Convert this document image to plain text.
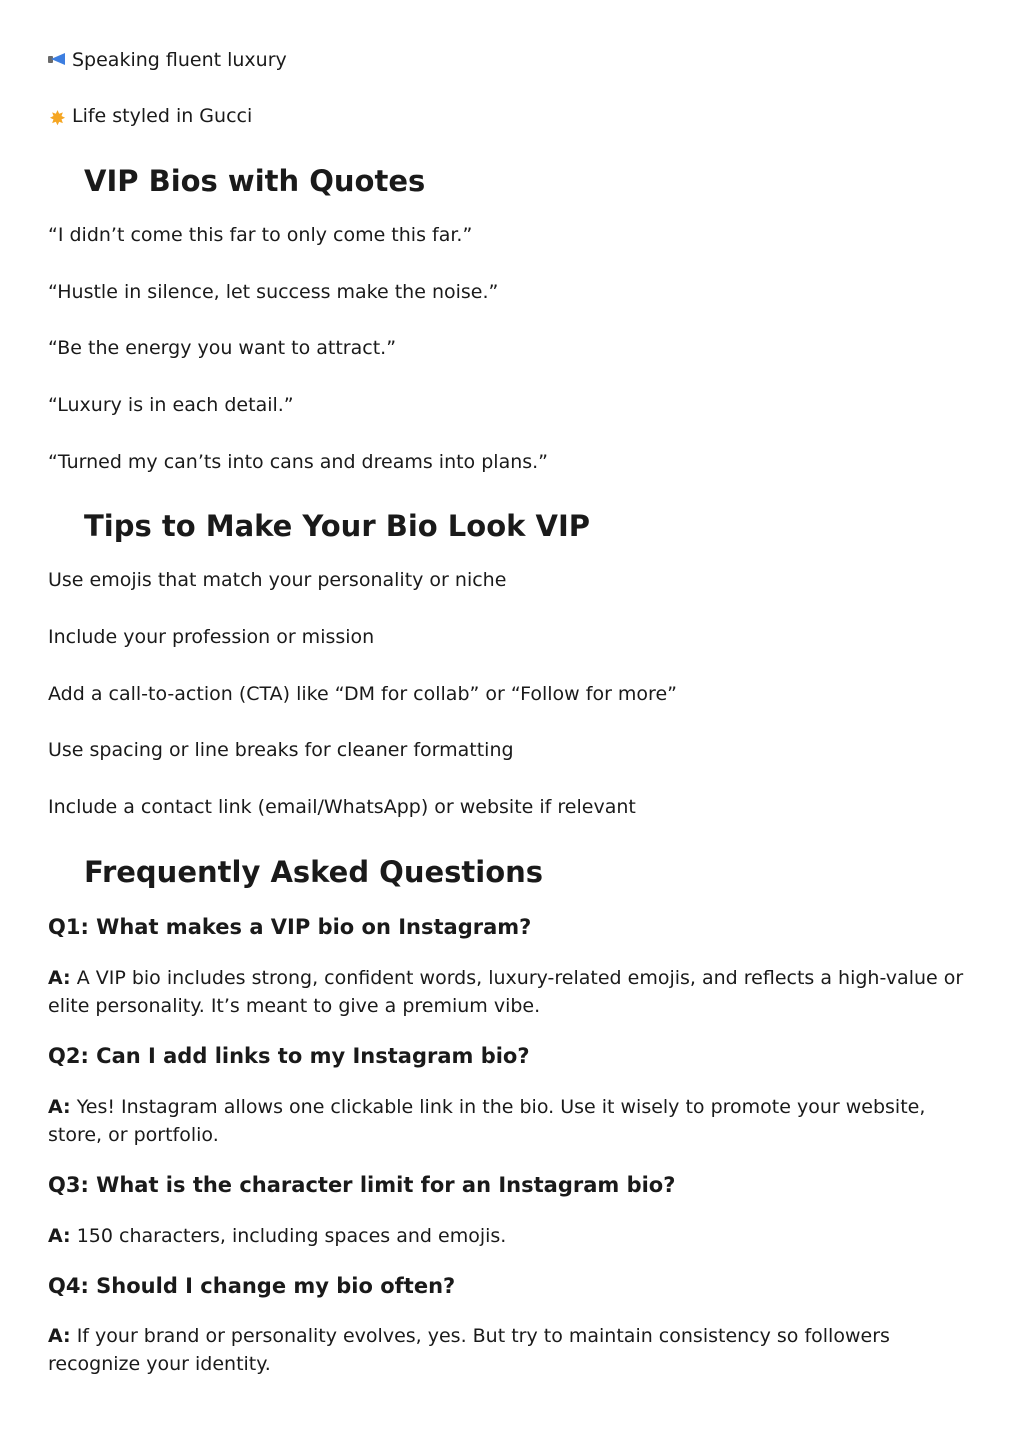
Speaking fluent luxury
✸ Life styled in Gucci
VIP Bios with Quotes
“I didn’t come this far to only come this far.”
“Hustle in silence, let success make the noise.”
“Be the energy you want to attract.”
“Luxury is in each detail.”
“Turned my can’ts into cans and dreams into plans.”
Tips to Make Your Bio Look VIP
Use emojis that match your personality or niche
Include your profession or mission
Add a call-to-action (CTA) like “DM for collab” or “Follow for more”
Use spacing or line breaks for cleaner formatting
Include a contact link (email/WhatsApp) or website if relevant
Frequently Asked Questions
Q1: What makes a VIP bio on Instagram?
A: A VIP bio includes strong, confident words, luxury-related emojis, and reflects a high-value or elite personality. It’s meant to give a premium vibe.
Q2: Can I add links to my Instagram bio?
A: Yes! Instagram allows one clickable link in the bio. Use it wisely to promote your website, store, or portfolio.
Q3: What is the character limit for an Instagram bio?
A: 150 characters, including spaces and emojis.
Q4: Should I change my bio often?
A: If your brand or personality evolves, yes. But try to maintain consistency so followers recognize your identity.
